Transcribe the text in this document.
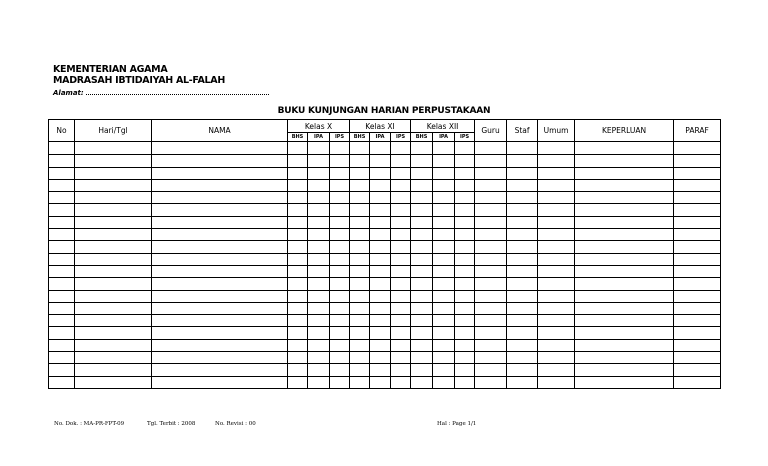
KEMENTERIAN AGAMA
MADRASAH IBTIDAIYAH AL-FALAH
Alamat:
BUKU KUNJUNGAN HARIAN PERPUSTAKAAN
No	Hari/Tgl	NAMA	Kelas X			Kelas XI			Kelas XII			Guru	Staf	Umum	KEPERLUAN	PARAF
			BHS	IPA	IPS	BHS	IPA	IPS	BHS	IPA	IPS					

No. Dok. : MA-PR-FPT-09	Tgl. Terbit : 2008	No. Revisi : 00	Hal : Page 1/1
